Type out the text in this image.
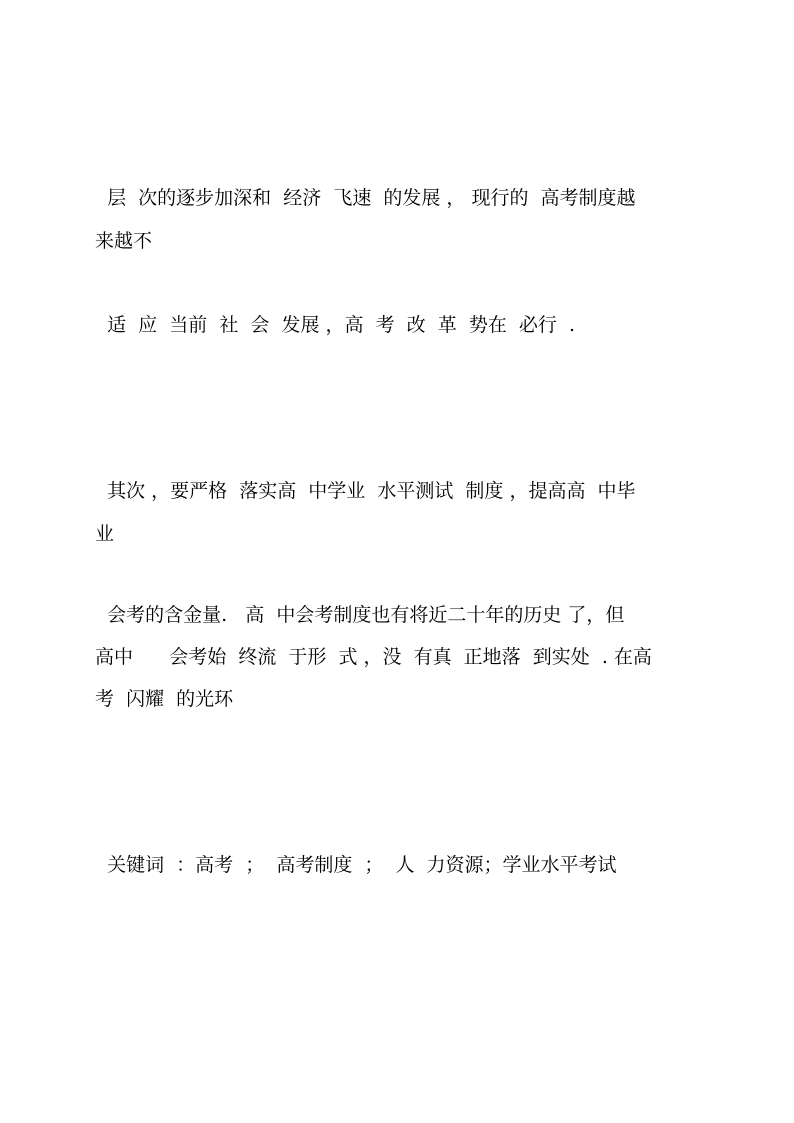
层  次的逐步加深和  经济  飞速  的发展 ， 现行的  高考制度越
来越不
适  应  当前  社  会  发展 ，高  考  改  革  势在  必行  .
其次 ，要严格  落实高  中学业  水平测试  制度 ，提高高  中毕
业
会考的含金量.   高  中会考制度也有将近二十年的历史 了，但
高中      会考始  终流  于形  式 ，没  有真  正地落  到实处  . 在高
考  闪耀  的光环
关键词  ：高考  ；  高考制度  ；  人  力资源；学业水平考试
